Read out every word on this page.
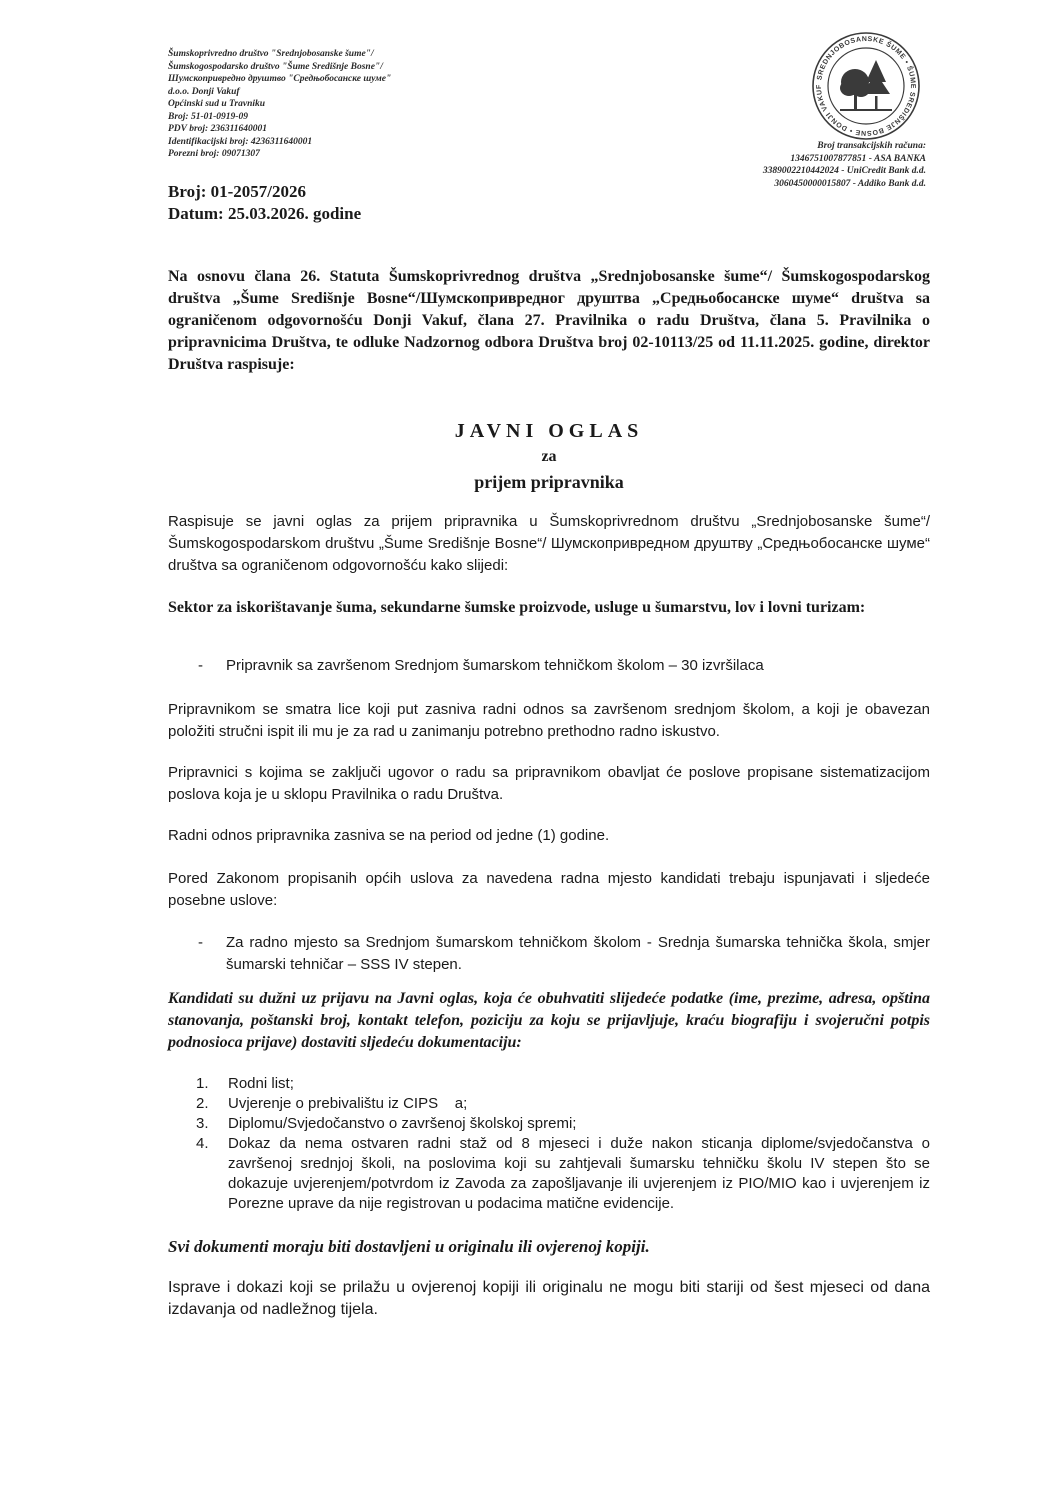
Šumskoprivredno društvo "Srednjobosanske šume"/
Šumskogospodarsko društvo "Šume Središnje Bosne"/
Шумскопривредно друштво "Средњобосанске шуме"
d.o.o. Donji Vakuf
Općinski sud u Travniku
Broj: 51-01-0919-09
PDV broj: 236311640001
Identifikacijski broj: 4236311640001
Porezni broj: 09071307
SREDNJOBOSANSKE ŠUME • ŠUME SREDIŠNJE BOSNE • DONJI VAKUF
Broj transakcijskih računa:
1346751007877851 - ASA BANKA
3389002210442024 - UniCredit Bank d.d.
3060450000015807 - Addiko Bank d.d.
Broj: 01-2057/2026
Datum: 25.03.2026. godine
Na osnovu člana 26. Statuta Šumskoprivrednog društva „Srednjobosanske šume“/ Šumskogospodarskog društva „Šume Središnje Bosne“/Шумскопривредног друштва „Средњобосанске шуме“ društva sa ograničenom odgovornošću Donji Vakuf, člana 27. Pravilnika o radu Društva, člana 5. Pravilnika o pripravnicima Društva, te odluke Nadzornog odbora Društva broj 02-10113/25 od 11.11.2025. godine, direktor Društva raspisuje:
JAVNI OGLAS
za
prijem pripravnika
Raspisuje se javni oglas za prijem pripravnika u Šumskoprivrednom društvu „Srednjobosanske šume“/ Šumskogospodarskom društvu „Šume Središnje Bosne“/ Шумскопривредном друштву „Средњобосанске шуме“ društva sa ograničenom odgovornošću kako slijedi:
Sektor za iskorištavanje šuma, sekundarne šumske proizvode, usluge u šumarstvu, lov i lovni turizam:
- Pripravnik sa završenom Srednjom šumarskom tehničkom školom – 30 izvršilaca
Pripravnikom se smatra lice koji put zasniva radni odnos sa završenom srednjom školom, a koji je obavezan položiti stručni ispit ili mu je za rad u zanimanju potrebno prethodno radno iskustvo.
Pripravnici s kojima se zaključi ugovor o radu sa pripravnikom obavljat će poslove propisane sistematizacijom poslova koja je u sklopu Pravilnika o radu Društva.
Radni odnos pripravnika zasniva se na period od jedne (1) godine.
Pored Zakonom propisanih općih uslova za navedena radna mjesto kandidati trebaju ispunjavati i sljedeće posebne uslove:
- Za radno mjesto sa Srednjom šumarskom tehničkom školom - Srednja šumarska tehnička škola, smjer šumarski tehničar – SSS IV stepen.
Kandidati su dužni uz prijavu na Javni oglas, koja će obuhvatiti slijedeće podatke (ime, prezime, adresa, opština stanovanja, poštanski broj, kontakt telefon, poziciju za koju se prijavljuje, kraću biografiju i svojeručni potpis podnosioca prijave) dostaviti sljedeću dokumentaciju:
1. Rodni list;
2. Uvjerenje o prebivalištu iz CIPS    a;
3. Diplomu/Svjedočanstvo o završenoj školskoj spremi;
4. Dokaz da nema ostvaren radni staž od 8 mjeseci i duže nakon sticanja diplome/svjedočanstva o završenoj srednjoj školi, na poslovima koji su zahtjevali šumarsku tehničku školu IV stepen što se dokazuje uvjerenjem/potvrdom iz Zavoda za zapošljavanje ili uvjerenjem iz PIO/MIO kao i uvjerenjem iz Porezne uprave da nije registrovan u podacima matične evidencije.
Svi dokumenti moraju biti dostavljeni u originalu ili ovjerenoj kopiji.
Isprave i dokazi koji se prilažu u ovjerenoj kopiji ili originalu ne mogu biti stariji od šest mjeseci od dana izdavanja od nadležnog tijela.
